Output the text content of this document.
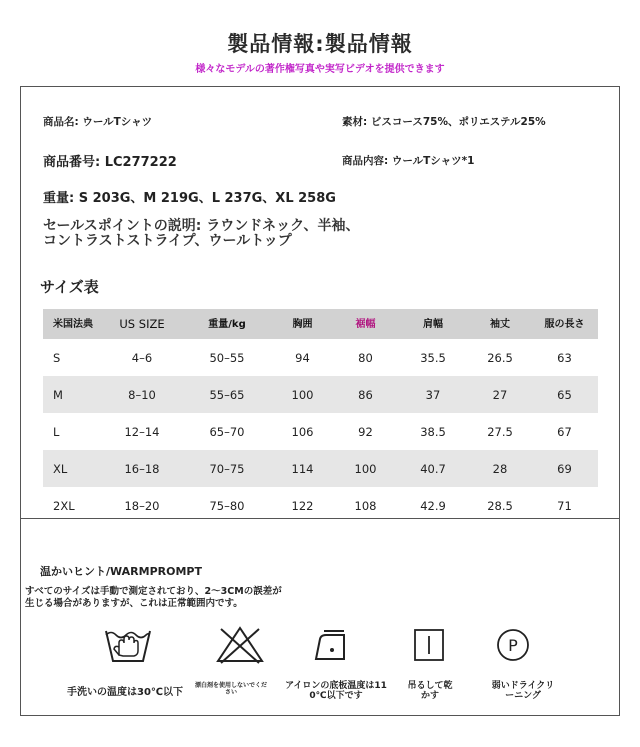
製品情報:製品情報
様々なモデルの著作権写真や実写ビデオを提供できます
商品名: ウールTシャツ	素材: ビスコース75%、ポリエステル25%
商品番号: LC277222	商品内容: ウールTシャツ*1
重量: S 203G、M 219G、L 237G、XL 258G
セールスポイントの説明: ラウンドネック、半袖、
コントラストストライプ、ウールトップ
サイズ表
米国法典	US SIZE	重量/kg	胸囲	裾幅	肩幅	袖丈	服の長さ
S	4–6	50–55	94	80	35.5	26.5	63
M	8–10	55–65	100	86	37	27	65
L	12–14	65–70	106	92	38.5	27.5	67
XL	16–18	70–75	114	100	40.7	28	69
2XL	18–20	75–80	122	108	42.9	28.5	71
温かいヒント/WARMPROMPT
すべてのサイズは手動で測定されており、2〜3CMの誤差が
生じる場合がありますが、これは正常範囲内です。
P
手洗いの温度は30℃以下
漂白剤を使用しないでください
アイロンの底板温度は11
0℃以下です
吊るして乾
かす
弱いドライクリ
ーニング
